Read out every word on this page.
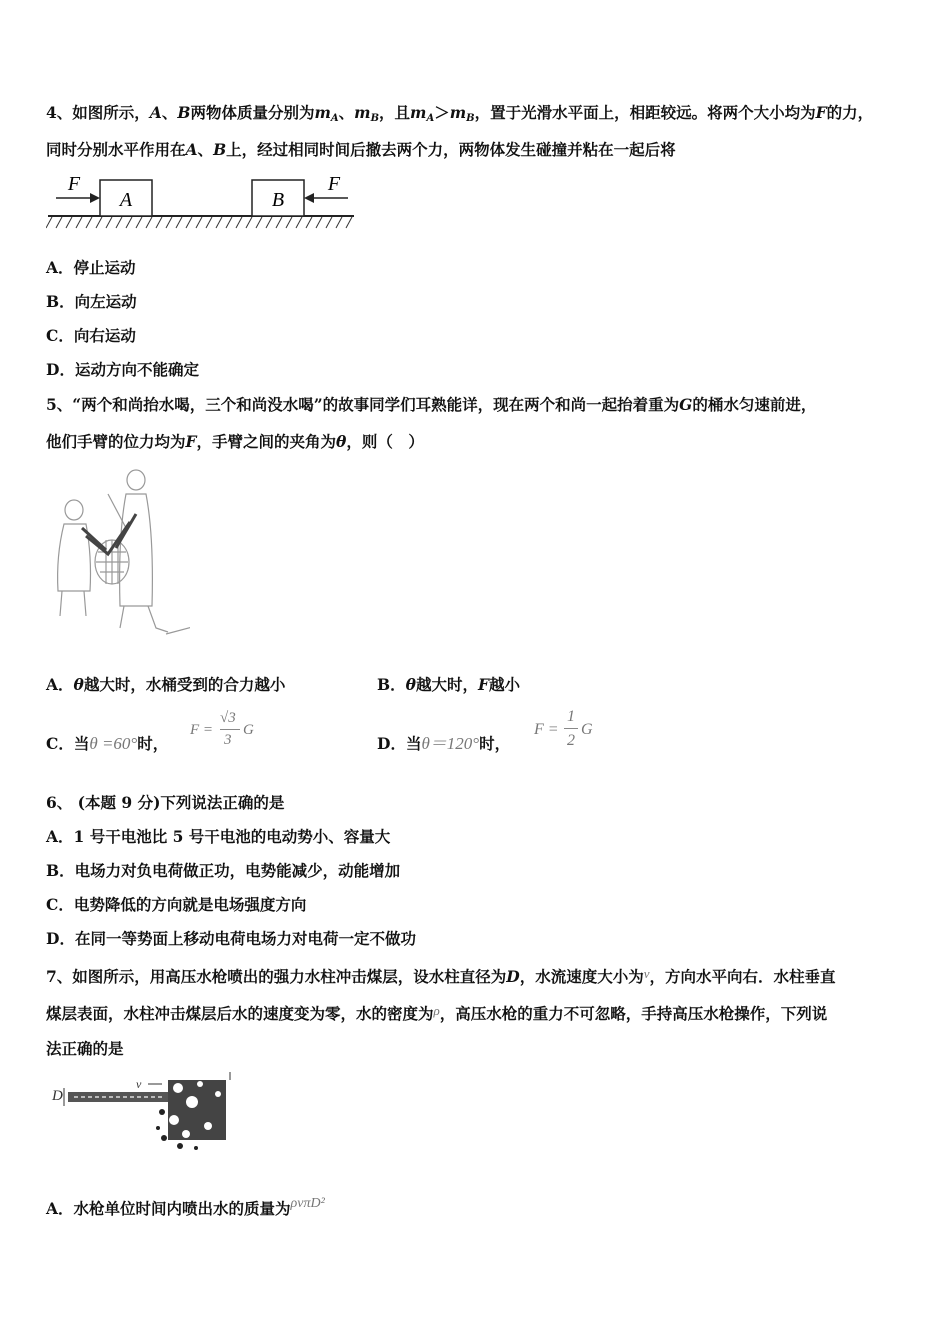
4、如图所示，A、B两物体质量分别为$m_A$、$m_B$，且$m_A>m_B$，置于光滑水平面上，相距较远。将两个大小均为F的力，
同时分别水平作用在A、B上，经过相同时间后撤去两个力，两物体发生碰撞并粘在一起后将
A	B
F	F
A．停止运动
B．向左运动
C．向右运动
D．运动方向不能确定
5、“两个和尚抬水喝，三个和尚没水喝”的故事同学们耳熟能详，现在两个和尚一起抬着重为G的桶水匀速前进，
他们手臂的位力均为F，手臂之间的夹角为θ，则（　）
A．θ越大时，水桶受到的合力越小	B．θ越大时，F越小
C．当θ =60°时，
F =
√3
3
G
D．当θ＝120°时，
F =
1
2
G
6、 (本题 9 分)下列说法正确的是
A．1 号干电池比 5 号干电池的电动势小、容量大
B．电场力对负电荷做正功，电势能减少，动能增加
C．电势降低的方向就是电场强度方向
D．在同一等势面上移动电荷电场力对电荷一定不做功
7、如图所示，用高压水枪喷出的强力水柱冲击煤层，设水柱直径为D，水流速度大小为$^v$，方向水平向右．水柱垂直
煤层表面，水柱冲击煤层后水的速度变为零，水的密度为$^\rho$，高压水枪的重力不可忽略，手持高压水枪操作，下列说
法正确的是
D
v
A．水枪单位时间内喷出水的质量为ρvπD²
